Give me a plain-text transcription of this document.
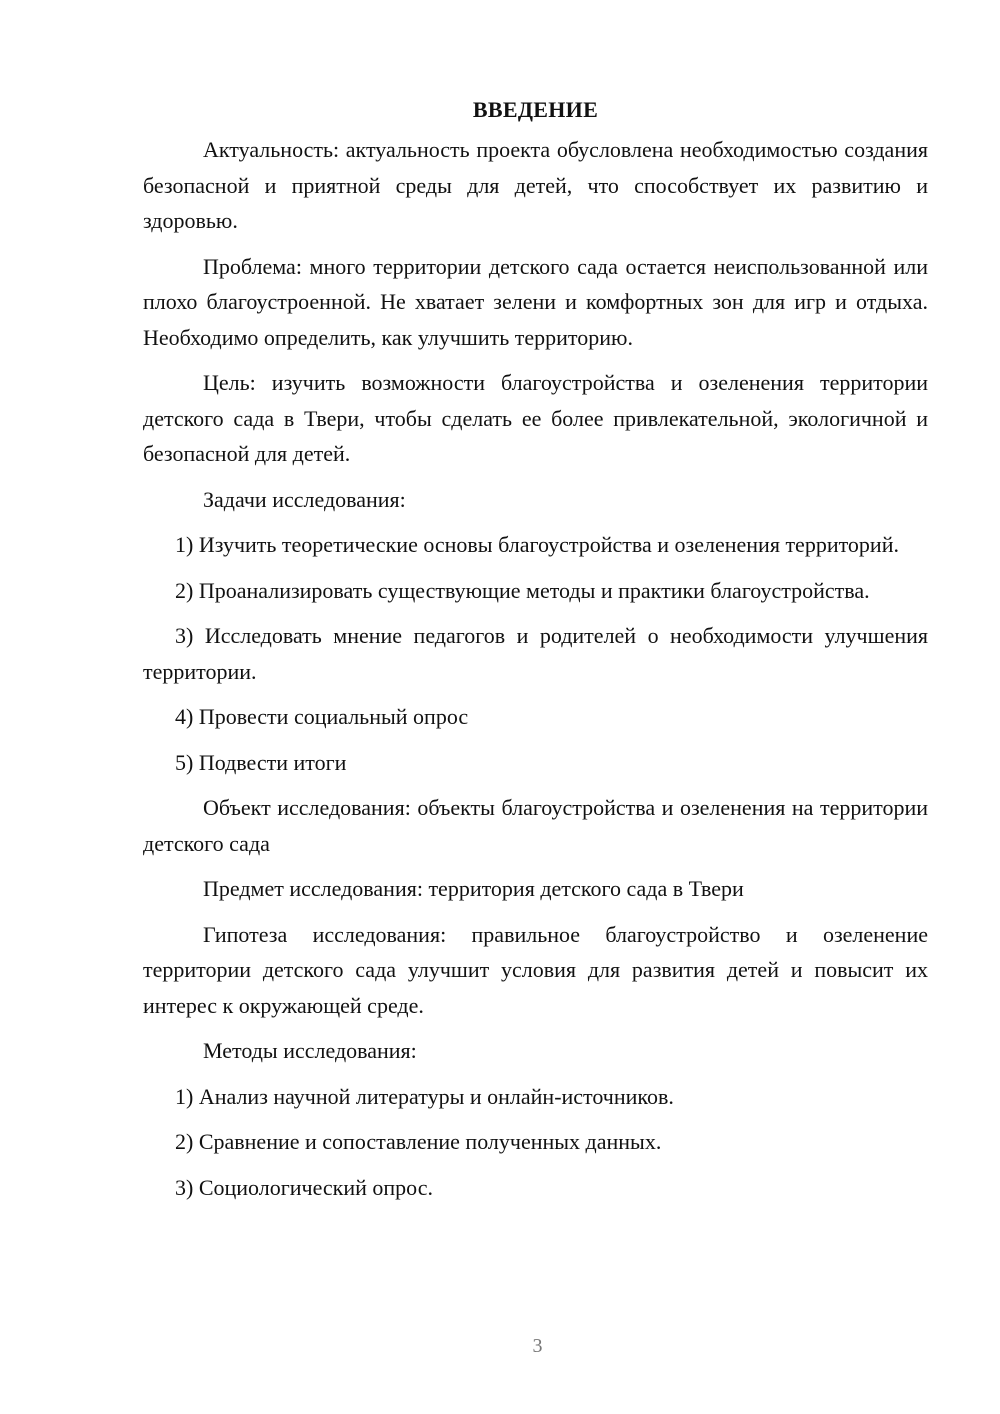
ВВЕДЕНИЕ

Актуальность: актуальность проекта обусловлена необходимостью создания безопасной и приятной среды для детей, что способствует их развитию и здоровью.

Проблема: много территории детского сада остается неиспользованной или плохо благоустроенной. Не хватает зелени и комфортных зон для игр и отдыха. Необходимо определить, как улучшить территорию.

Цель: изучить возможности благоустройства и озеленения территории детского сада в Твери, чтобы сделать ее более привлекательной, экологичной и безопасной для детей.

Задачи исследования:

1) Изучить теоретические основы благоустройства и озеленения территорий.

2) Проанализировать существующие методы и практики благоустройства.

3) Исследовать мнение педагогов и родителей о необходимости улучшения территории.

4) Провести социальный опрос

5) Подвести итоги

Объект исследования: объекты благоустройства и озеленения на территории детского сада

Предмет исследования: территория детского сада в Твери

Гипотеза исследования: правильное благоустройство и озеленение территории детского сада улучшит условия для развития детей и повысит их интерес к окружающей среде.

Методы исследования:

1) Анализ научной литературы и онлайн-источников.

2) Сравнение и сопоставление полученных данных.

3) Социологический опрос.

3
